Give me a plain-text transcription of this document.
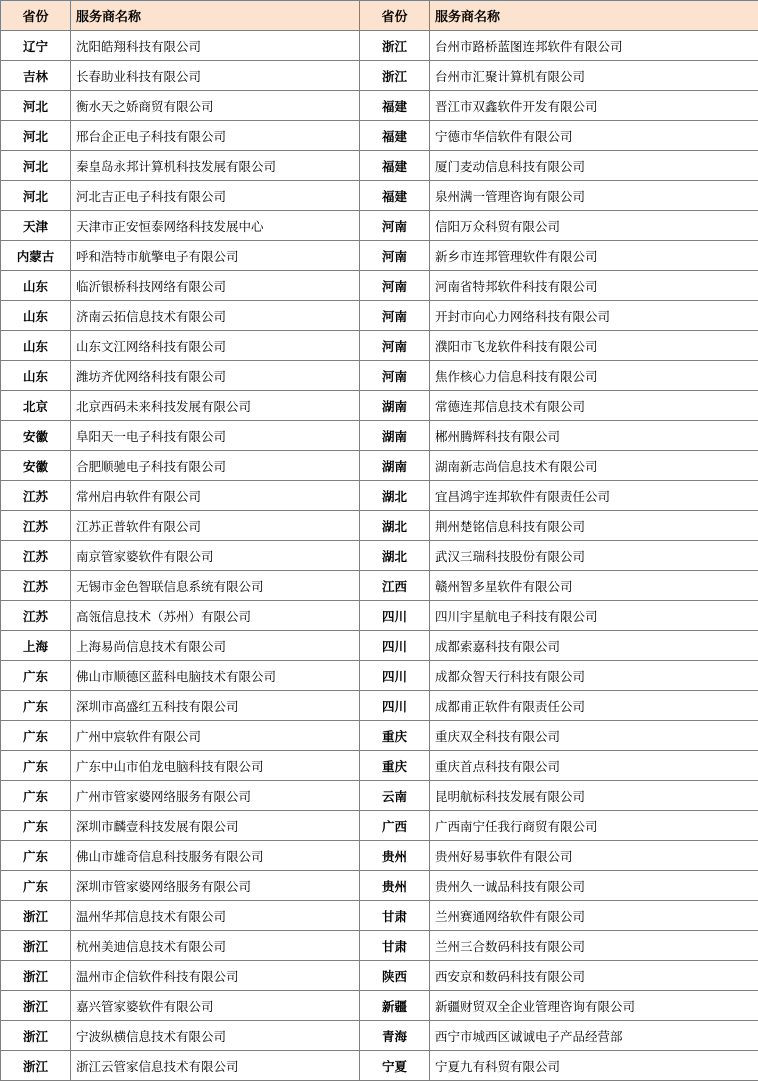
省份	服务商名称	省份	服务商名称
辽宁	沈阳皓翔科技有限公司	浙江	台州市路桥蓝图连邦软件有限公司
吉林	长春助业科技有限公司	浙江	台州市汇聚计算机有限公司
河北	衡水天之娇商贸有限公司	福建	晋江市双鑫软件开发有限公司
河北	邢台企正电子科技有限公司	福建	宁德市华信软件有限公司
河北	秦皇岛永邦计算机科技发展有限公司	福建	厦门麦动信息科技有限公司
河北	河北吉正电子科技有限公司	福建	泉州满一管理咨询有限公司
天津	天津市正安恒泰网络科技发展中心	河南	信阳万众科贸有限公司
内蒙古	呼和浩特市航擎电子有限公司	河南	新乡市连邦管理软件有限公司
山东	临沂银桥科技网络有限公司	河南	河南省特邦软件科技有限公司
山东	济南云拓信息技术有限公司	河南	开封市向心力网络科技有限公司
山东	山东文江网络科技有限公司	河南	濮阳市飞龙软件科技有限公司
山东	潍坊齐优网络科技有限公司	河南	焦作核心力信息科技有限公司
北京	北京西码未来科技发展有限公司	湖南	常德连邦信息技术有限公司
安徽	阜阳天一电子科技有限公司	湖南	郴州腾辉科技有限公司
安徽	合肥顺驰电子科技有限公司	湖南	湖南新志尚信息技术有限公司
江苏	常州启冉软件有限公司	湖北	宜昌鸿宇连邦软件有限责任公司
江苏	江苏正普软件有限公司	湖北	荆州楚铭信息科技有限公司
江苏	南京管家婆软件有限公司	湖北	武汉三瑞科技股份有限公司
江苏	无锡市金色智联信息系统有限公司	江西	赣州智多星软件有限公司
江苏	高瓴信息技术（苏州）有限公司	四川	四川宇星航电子科技有限公司
上海	上海易尚信息技术有限公司	四川	成都索嘉科技有限公司
广东	佛山市顺德区蓝科电脑技术有限公司	四川	成都众智天行科技有限公司
广东	深圳市高盛红五科技有限公司	四川	成都甫正软件有限责任公司
广东	广州中宸软件有限公司	重庆	重庆双全科技有限公司
广东	广东中山市伯龙电脑科技有限公司	重庆	重庆首点科技有限公司
广东	广州市管家婆网络服务有限公司	云南	昆明航标科技发展有限公司
广东	深圳市麟壹科技发展有限公司	广西	广西南宁任我行商贸有限公司
广东	佛山市雄奇信息科技服务有限公司	贵州	贵州好易事软件有限公司
广东	深圳市管家婆网络服务有限公司	贵州	贵州久一诚品科技有限公司
浙江	温州华邦信息技术有限公司	甘肃	兰州赛通网络软件有限公司
浙江	杭州美迪信息技术有限公司	甘肃	兰州三合数码科技有限公司
浙江	温州市企信软件科技有限公司	陕西	西安京和数码科技有限公司
浙江	嘉兴管家婆软件有限公司	新疆	新疆财贸双全企业管理咨询有限公司
浙江	宁波纵横信息技术有限公司	青海	西宁市城西区诚诚电子产品经营部
浙江	浙江云管家信息技术有限公司	宁夏	宁夏九有科贸有限公司
